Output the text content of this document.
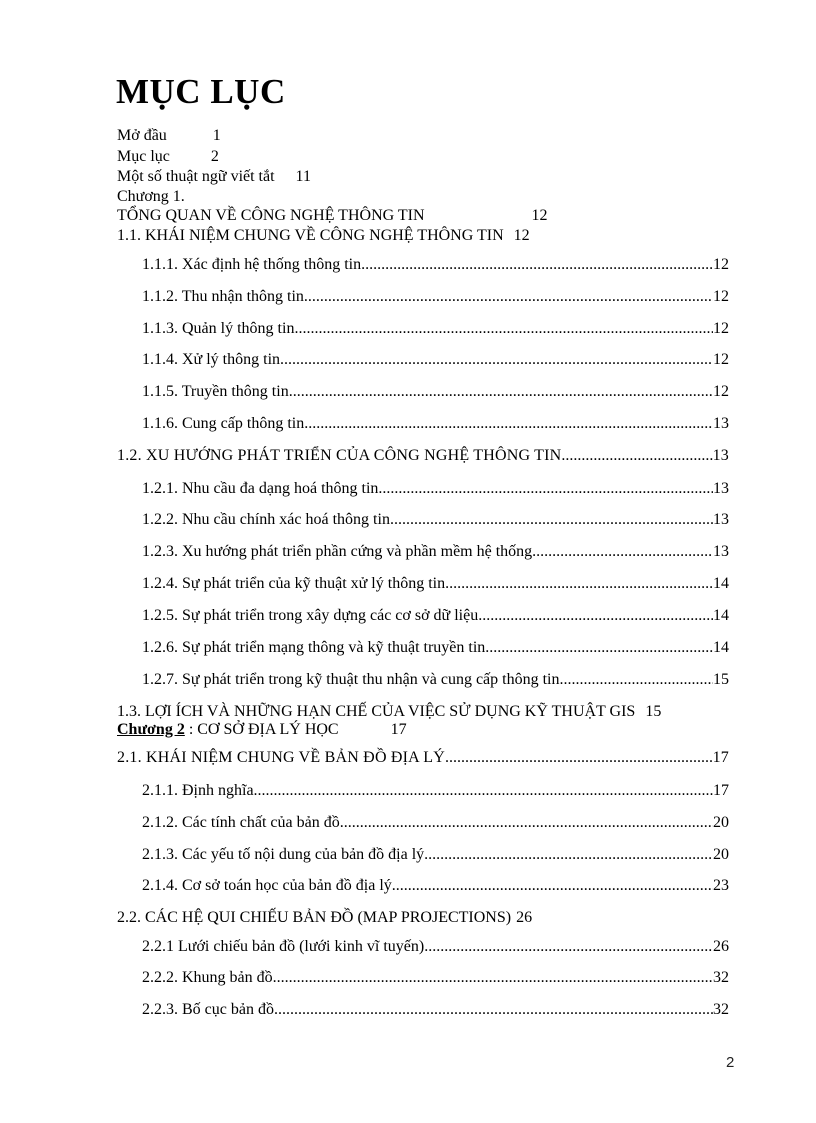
MỤC LỤC
Mở đầu	1
Mục lục	2
Một số thuật ngữ viết tắt 11
Chương 1.
TỔNG QUAN VỀ CÔNG NGHỆ THÔNG TIN	12
1.1. KHÁI NIỆM CHUNG VỀ CÔNG NGHỆ THÔNG TIN 12
1.1.1. Xác định hệ thống thông tin .....	12
1.1.2. Thu nhận thông tin .....	12
1.1.3. Quản lý thông tin .....	12
1.1.4. Xử lý thông tin .....	12
1.1.5. Truyền thông tin .....	12
1.1.6. Cung cấp thông tin .....	13
1.2. XU HƯỚNG PHÁT TRIỂN CỦA CÔNG NGHỆ THÔNG TIN .....	13
1.2.1. Nhu cầu đa dạng hoá thông tin .....	13
1.2.2. Nhu cầu chính xác hoá thông tin .....	13
1.2.3. Xu hướng phát triển phần cứng và phần mềm hệ thống .....	13
1.2.4. Sự phát triển của kỹ thuật xử lý thông tin .....	14
1.2.5. Sự phát triển trong xây dựng các cơ sở dữ liệu .....	14
1.2.6. Sự phát triển mạng thông và kỹ thuật truyền tin .....	14
1.2.7. Sự phát triển trong kỹ thuật thu nhận và cung cấp thông tin .....	15
1.3. LỢI ÍCH VÀ NHỮNG HẠN CHẾ CỦA VIỆC SỬ DỤNG KỸ THUẬT GIS 15
Chương 2 : CƠ SỞ ĐỊA LÝ HỌC	17
2.1. KHÁI NIỆM CHUNG VỀ BẢN ĐỒ ĐỊA LÝ .....	17
2.1.1. Định nghĩa .....	17
2.1.2. Các tính chất của bản đồ .....	20
2.1.3. Các yếu tố nội dung của bản đồ địa lý .....	20
2.1.4. Cơ sở toán học của bản đồ địa lý .....	23
2.2. CÁC HỆ QUI CHIẾU BẢN ĐỒ (MAP PROJECTIONS) 26
2.2.1 Lưới chiếu bản đồ (lưới kinh vĩ tuyến) .....	26
2.2.2. Khung bản đồ .....	32
2.2.3. Bố cục bản đồ .....	32
2
